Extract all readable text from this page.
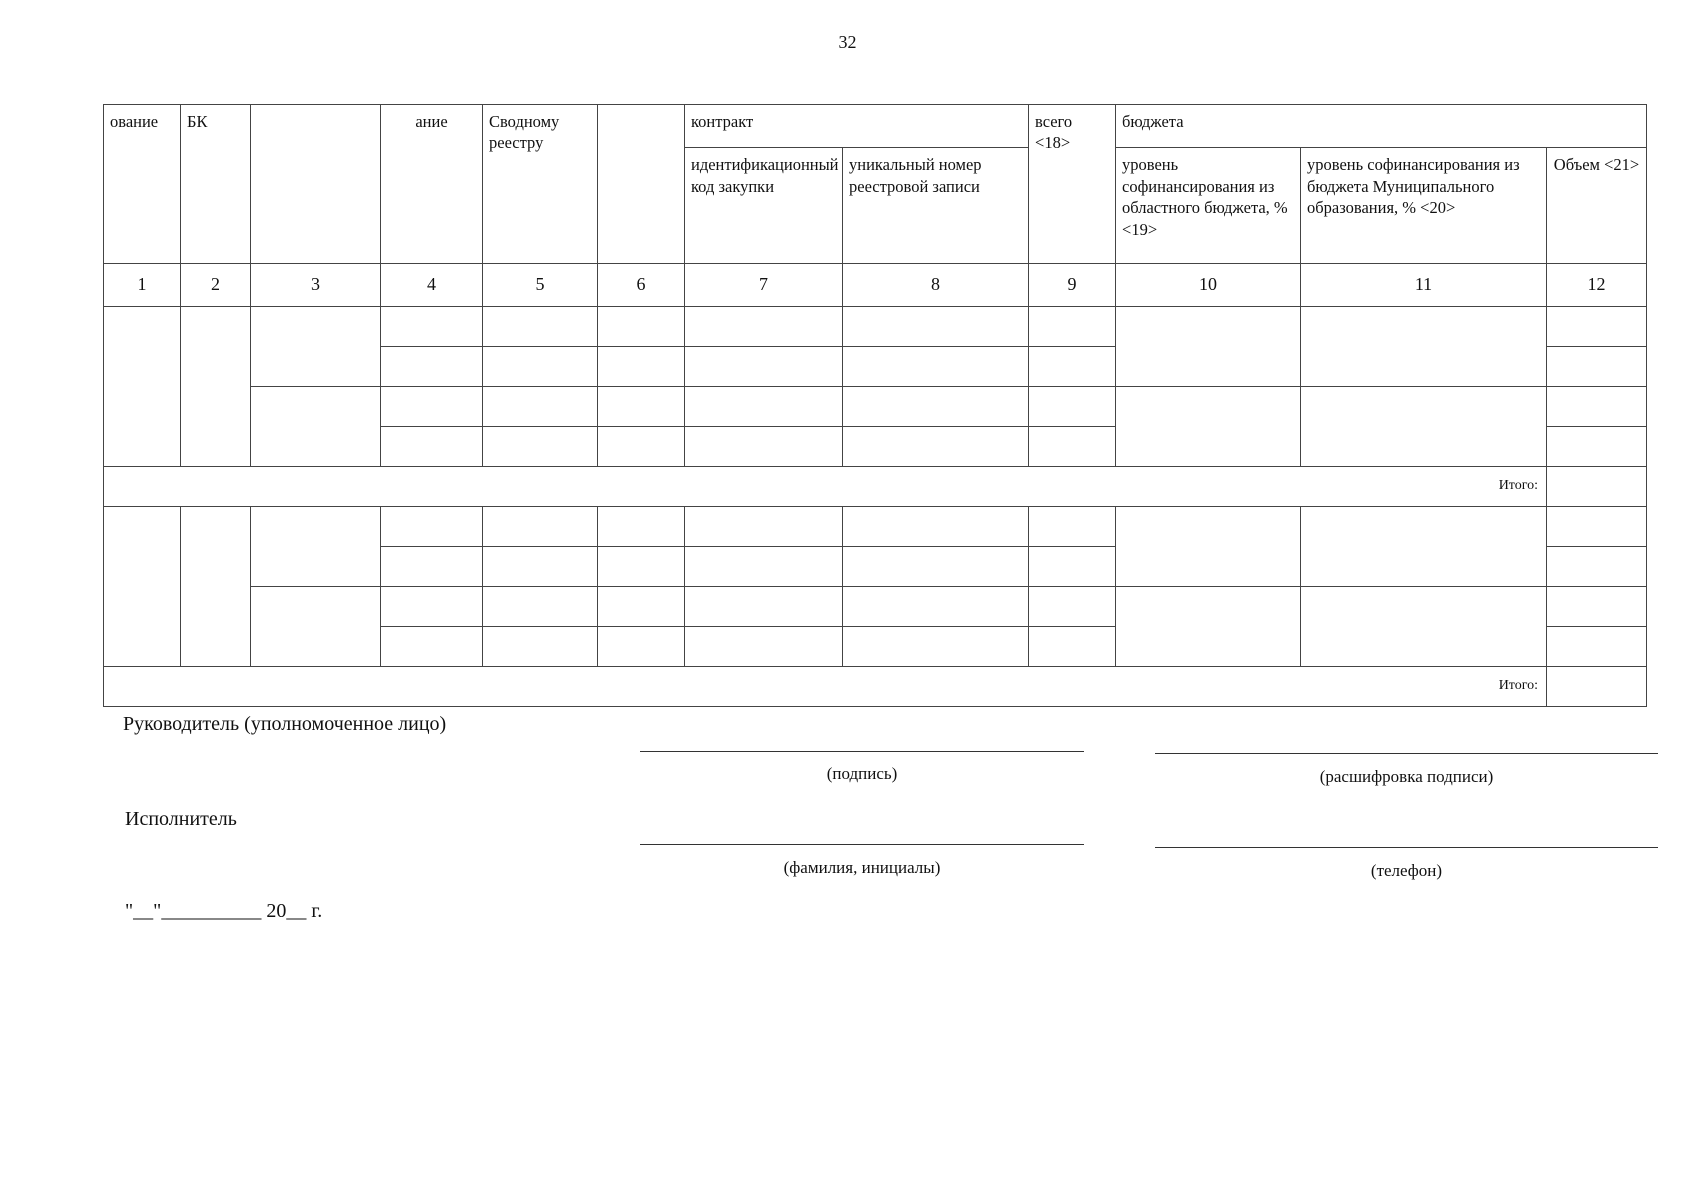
32
ование	БК		ание	Сводному реестру		контракт		всего <18>	бюджета		
						идентификационный код закупки	уникальный номер реестровой записи		уровень софинансирования из областного бюджета, % <19>	уровень софинансирования из бюджета Муниципального образования, % <20>	Объем <21>
1	2	3	4	5	6	7	8	9	10	11	12

Итого:											

Итого:											
Руководитель (уполномоченное лицо)
(подпись)	(расшифровка подписи)
Исполнитель
(фамилия, инициалы)	(телефон)
"__"__________ 20__ г.
